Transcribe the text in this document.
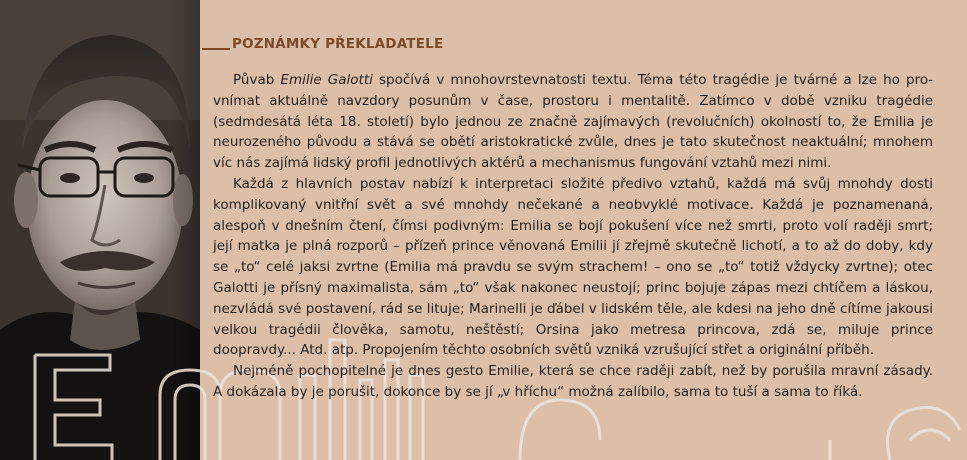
POZNÁMKY PŘEKLADATELE

Půvab Emilie Galotti spočívá v mnohovrstevnatosti textu. Téma této tragédie je tvárné a lze ho provnímat aktuálně navzdory posunům v čase, prostoru i mentalitě. Zatímco v době vzniku tragédie (sedmdesátá léta 18. století) bylo jednou ze značně zajímavých (revolučních) okolností to, že Emilia je neurozeného původu a stává se obětí aristokratické zvůle, dnes je tato skutečnost neaktuální; mnohem víc nás zajímá lidský profil jednotlivých aktérů a mechanismus fungování vztahů mezi nimi.

Každá z hlavních postav nabízí k interpretaci složité předivo vztahů, každá má svůj mnohdy dosti komplikovaný vnitřní svět a své mnohdy nečekané a neobvyklé motivace. Každá je poznamenaná, alespoň v dnešním čtení, čímsi podivným: Emilia se bojí pokušení více než smrti, proto volí raději smrt; její matka je plná rozporů – přízeň prince věnovaná Emilii jí zřejmě skutečně lichotí, a to až do doby, kdy se „to“ celé jaksi zvrtne (Emilia má pravdu se svým strachem! – ono se „to“ totiž vždycky zvrtne); otec Galotti je přísný maximalista, sám „to“ však nakonec neustojí; princ bojuje zápas mezi chtíčem a láskou, nezvládá své postavení, rád se lituje; Marinelli je ďábel v lidském těle, ale kdesi na jeho dně cítíme jakousi velkou tragédii člověka, samotu, neštěstí; Orsina jako metresa princova, zdá se, miluje prince doopravdy... Atd. atp. Propojením těchto osobních světů vzniká vzrušující střet a originální příběh.

Nejméně pochopitelné je dnes gesto Emilie, která se chce raději zabít, než by porušila mravní zásady. A dokázala by je porušit, dokonce by se jí „v hříchu“ možná zalíbilo, sama to tuší a sama to říká.
